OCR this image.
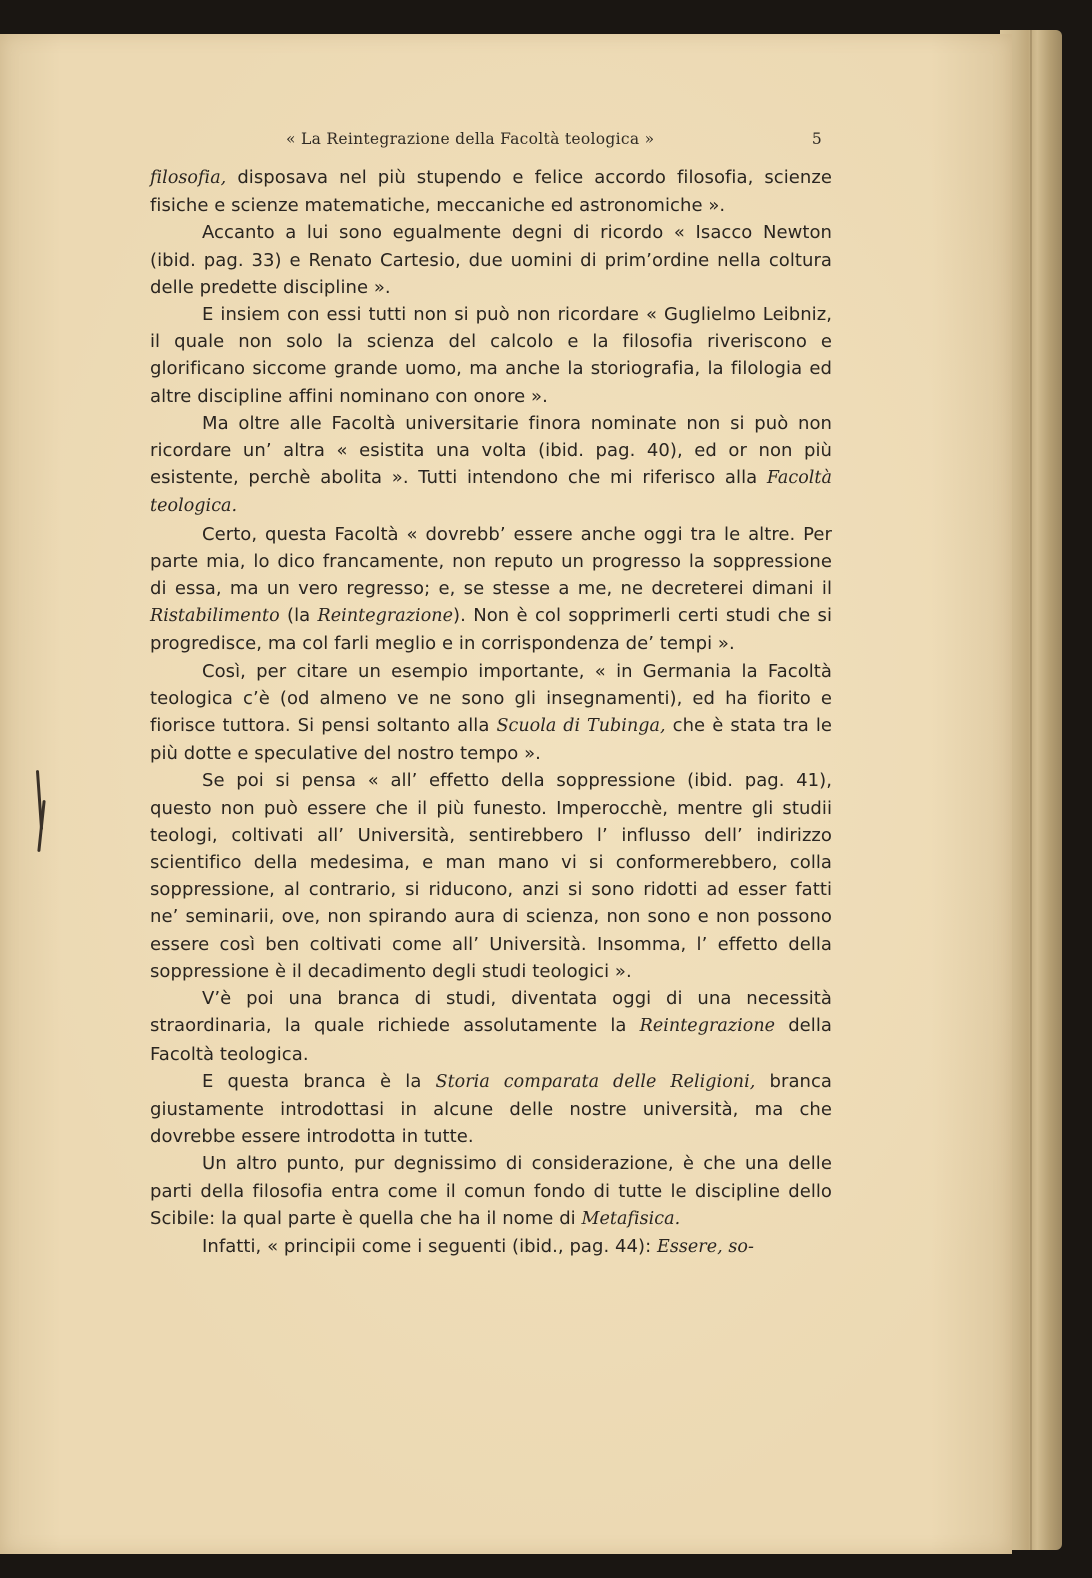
« La Reintegrazione della Facoltà teologica »	5

filosofia, disposava nel più stupendo e felice accordo filosofia, scienze fisiche e scienze matematiche, meccaniche ed astronomiche ».

Accanto a lui sono egualmente degni di ricordo « Isacco Newton (ibid. pag. 33) e Renato Cartesio, due uomini di prim’ordine nella coltura delle predette discipline ».

E insiem con essi tutti non si può non ricordare « Guglielmo Leibniz, il quale non solo la scienza del calcolo e la filosofia riveriscono e glorificano siccome grande uomo, ma anche la storiografia, la filologia ed altre discipline affini nominano con onore ».

Ma oltre alle Facoltà universitarie finora nominate non si può non ricordare un’ altra « esistita una volta (ibid. pag. 40), ed or non più esistente, perchè abolita ». Tutti intendono che mi riferisco alla Facoltà teologica.

Certo, questa Facoltà « dovrebb’ essere anche oggi tra le altre. Per parte mia, lo dico francamente, non reputo un progresso la soppressione di essa, ma un vero regresso; e, se stesse a me, ne decreterei dimani il Ristabilimento (la Reintegrazione). Non è col sopprimerli certi studi che si progredisce, ma col farli meglio e in corrispondenza de’ tempi ».

Così, per citare un esempio importante, « in Germania la Facoltà teologica c’è (od almeno ve ne sono gli insegnamenti), ed ha fiorito e fiorisce tuttora. Si pensi soltanto alla Scuola di Tubinga, che è stata tra le più dotte e speculative del nostro tempo ».

Se poi si pensa « all’ effetto della soppressione (ibid. pag. 41), questo non può essere che il più funesto. Imperocchè, mentre gli studii teologi, coltivati all’ Università, sentirebbero l’ influsso dell’ indirizzo scientifico della medesima, e man mano vi si conformerebbero, colla soppressione, al contrario, si riducono, anzi si sono ridotti ad esser fatti ne’ seminarii, ove, non spirando aura di scienza, non sono e non possono essere così ben coltivati come all’ Università. Insomma, l’ effetto della soppressione è il decadimento degli studi teologici ».

V’è poi una branca di studi, diventata oggi di una necessità straordinaria, la quale richiede assolutamente la Reintegrazione della Facoltà teologica.

E questa branca è la Storia comparata delle Religioni, branca giustamente introdottasi in alcune delle nostre università, ma che dovrebbe essere introdotta in tutte.

Un altro punto, pur degnissimo di considerazione, è che una delle parti della filosofia entra come il comun fondo di tutte le discipline dello Scibile: la qual parte è quella che ha il nome di Metafisica.

Infatti, « principii come i seguenti (ibid., pag. 44): Essere, so-
